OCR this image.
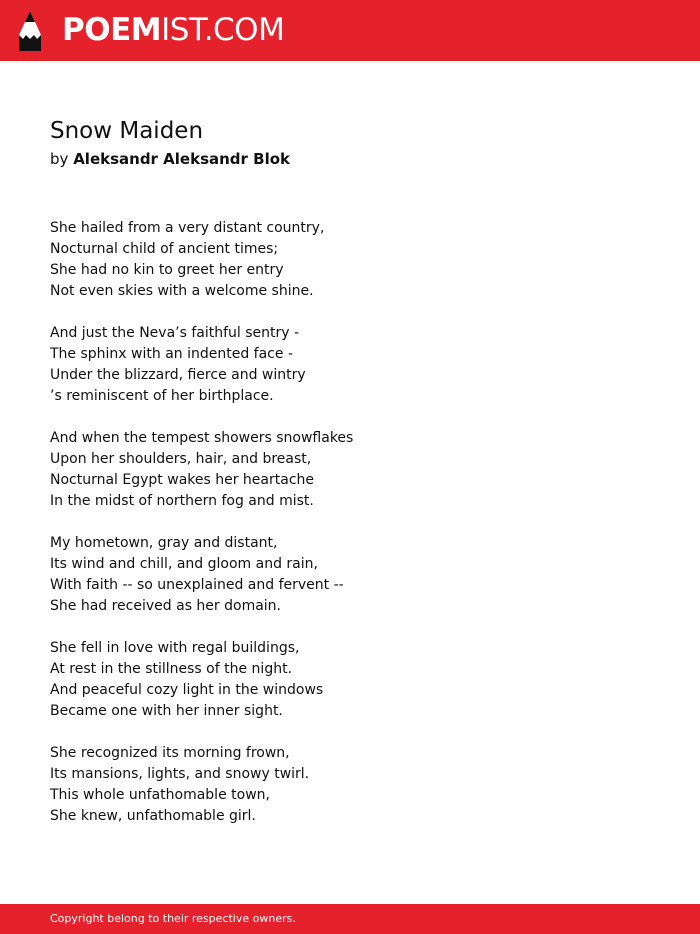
POEMIST.COM
Snow Maiden
by Aleksandr Aleksandr Blok
She hailed from a very distant country,
Nocturnal child of ancient times;
She had no kin to greet her entry
Not even skies with a welcome shine.
And just the Neva’s faithful sentry -
The sphinx with an indented face -
Under the blizzard, fierce and wintry
’s reminiscent of her birthplace.
And when the tempest showers snowflakes
Upon her shoulders, hair, and breast,
Nocturnal Egypt wakes her heartache
In the midst of northern fog and mist.
My hometown, gray and distant,
Its wind and chill, and gloom and rain,
With faith -- so unexplained and fervent --
She had received as her domain.
She fell in love with regal buildings,
At rest in the stillness of the night.
And peaceful cozy light in the windows
Became one with her inner sight.
She recognized its morning frown,
Its mansions, lights, and snowy twirl.
This whole unfathomable town,
She knew, unfathomable girl.
Copyright belong to their respective owners.
